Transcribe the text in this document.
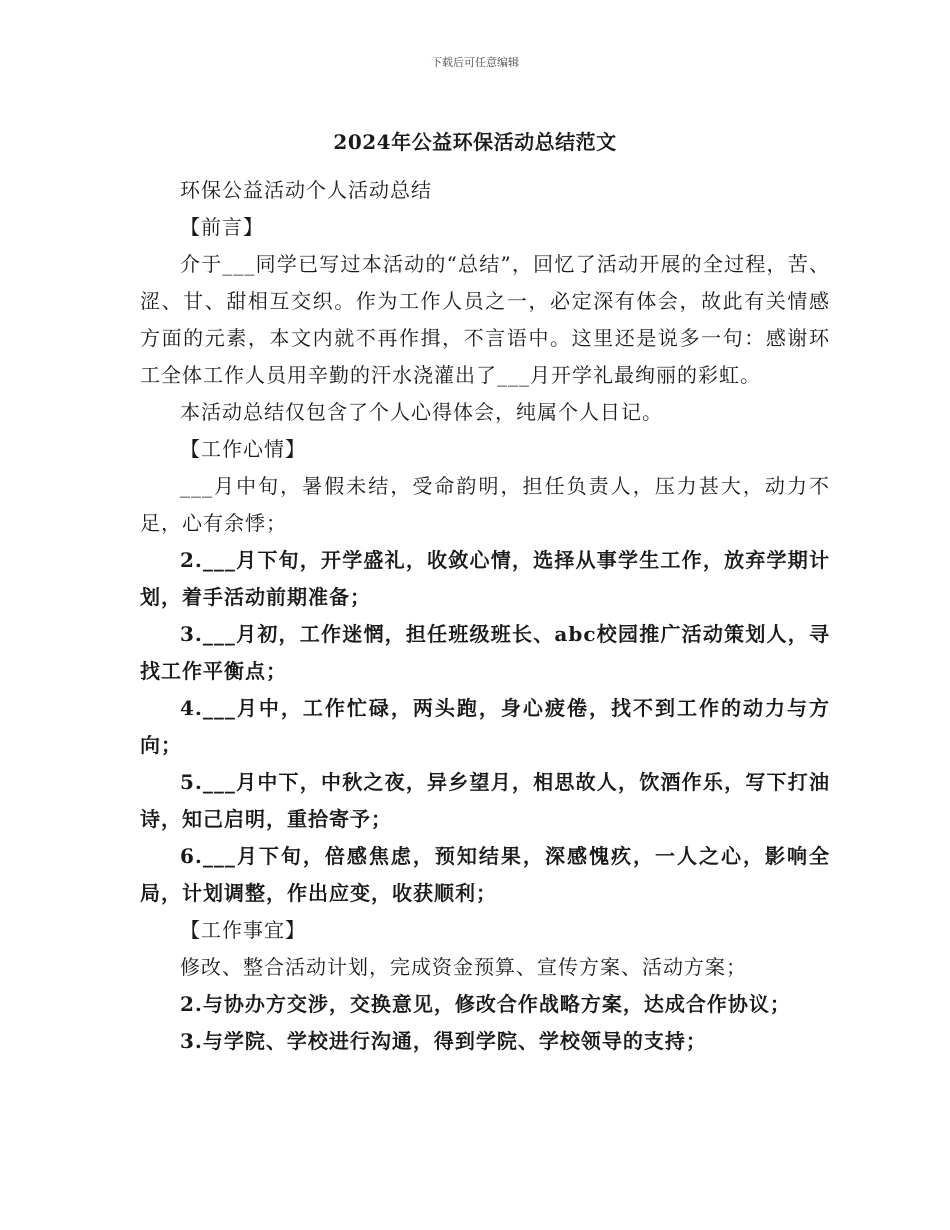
下载后可任意编辑
2024年公益环保活动总结范文

环保公益活动个人活动总结

【前言】

介于___同学已写过本活动的“总结”，回忆了活动开展的全过程，苦、涩、甘、甜相互交织。作为工作人员之一，必定深有体会，故此有关情感方面的元素，本文内就不再作揖，不言语中。这里还是说多一句：感谢环工全体工作人员用辛勤的汗水浇灌出了___月开学礼最绚丽的彩虹。

本活动总结仅包含了个人心得体会，纯属个人日记。

【工作心情】

___月中旬，暑假未结，受命韵明，担任负责人，压力甚大，动力不足，心有余悸；

2.___月下旬，开学盛礼，收敛心情，选择从事学生工作，放弃学期计划，着手活动前期准备；

3.___月初，工作迷惘，担任班级班长、abc校园推广活动策划人，寻找工作平衡点；

4.___月中，工作忙碌，两头跑，身心疲倦，找不到工作的动力与方向；

5.___月中下，中秋之夜，异乡望月，相思故人，饮酒作乐，写下打油诗，知己启明，重拾寄予；

6.___月下旬，倍感焦虑，预知结果，深感愧疚，一人之心，影响全局，计划调整，作出应变，收获顺利；

【工作事宜】

修改、整合活动计划，完成资金预算、宣传方案、活动方案；

2.与协办方交涉，交换意见，修改合作战略方案，达成合作协议；

3.与学院、学校进行沟通，得到学院、学校领导的支持；
